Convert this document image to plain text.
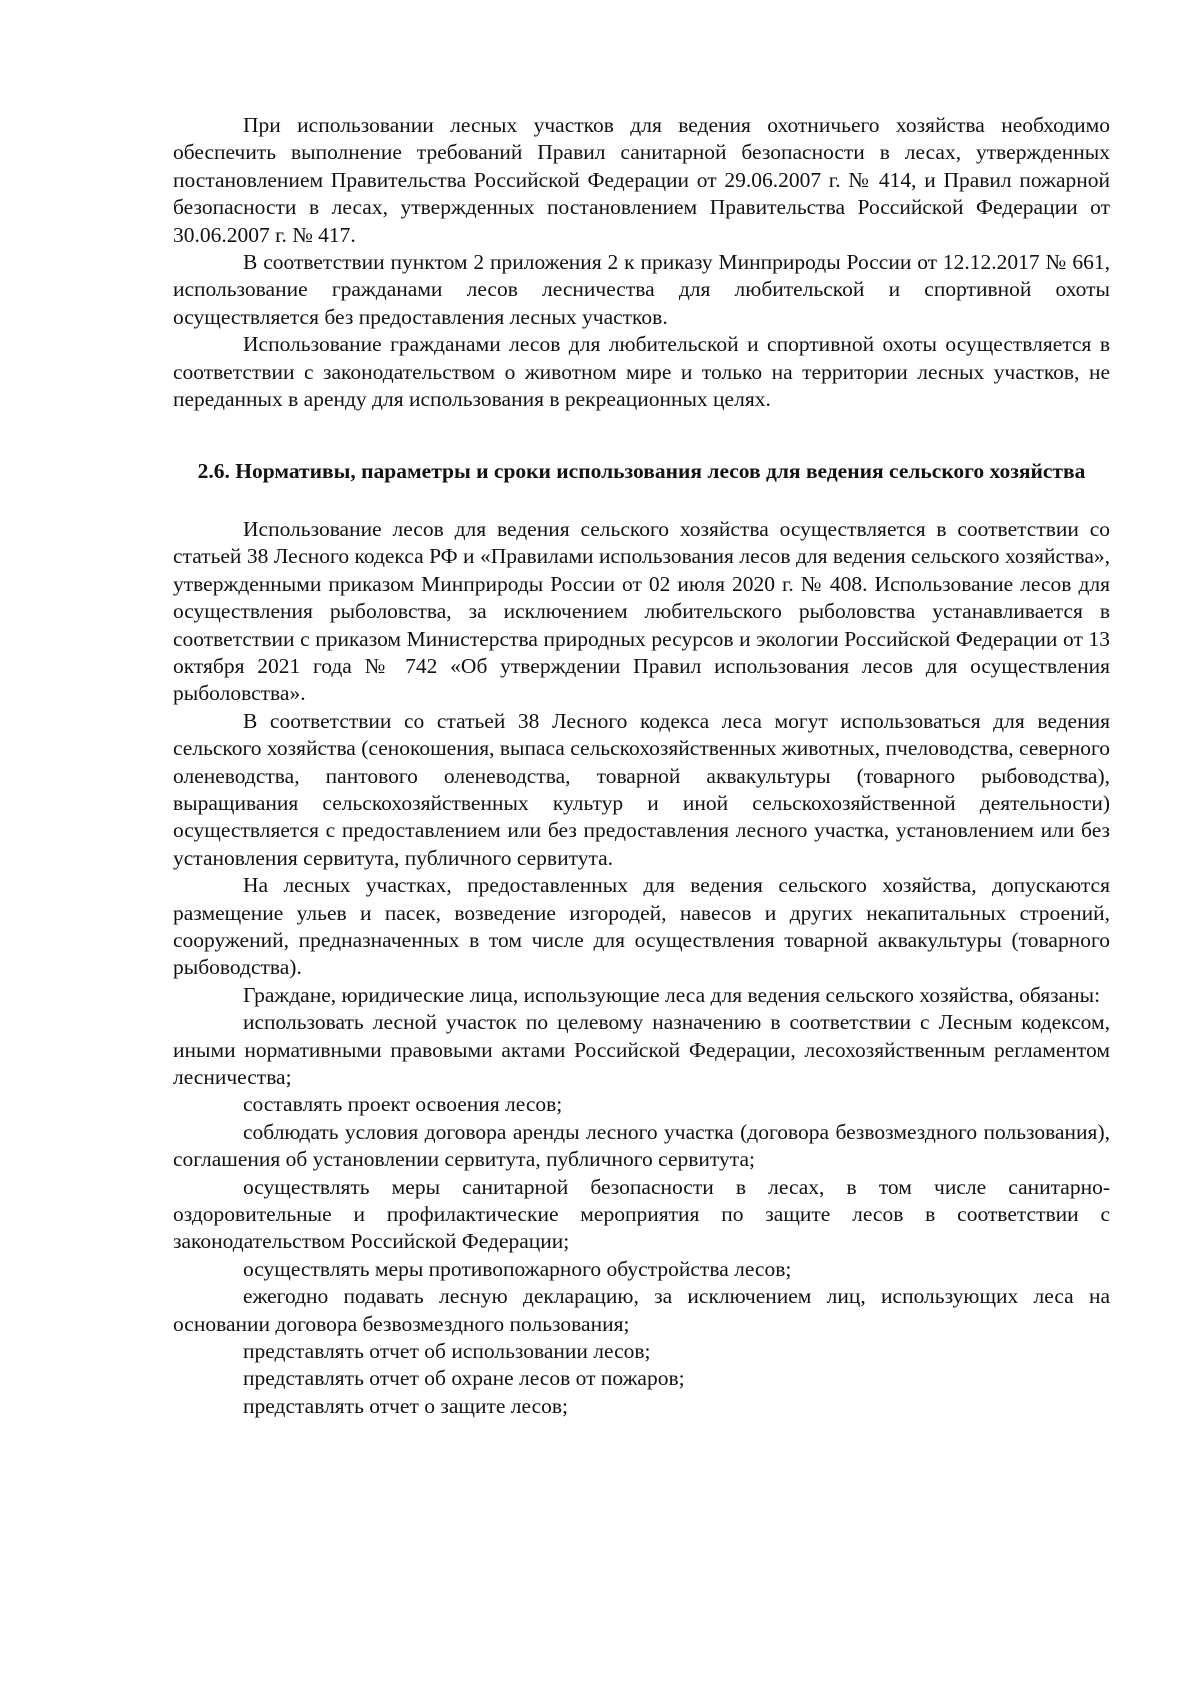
При использовании лесных участков для ведения охотничьего хозяйства необходимо обеспечить выполнение требований Правил санитарной безопасности в лесах, утвержденных постановлением Правительства Российской Федерации от 29.06.2007 г. № 414, и Правил пожарной безопасности в лесах, утвержденных постановлением Правительства Российской Федерации от 30.06.2007 г. № 417.

В соответствии пунктом 2 приложения 2 к приказу Минприроды России от 12.12.2017 № 661, использование гражданами лесов лесничества для любительской и спортивной охоты осуществляется без предоставления лесных участков.

Использование гражданами лесов для любительской и спортивной охоты осуществляется в соответствии с законодательством о животном мире и только на территории лесных участков, не переданных в аренду для использования в рекреационных целях.

2.6. Нормативы, параметры и сроки использования лесов для ведения сельского хозяйства

Использование лесов для ведения сельского хозяйства осуществляется в соответствии со статьей 38 Лесного кодекса РФ и «Правилами использования лесов для ведения сельского хозяйства», утвержденными приказом Минприроды России от 02 июля 2020 г. № 408. Использование лесов для осуществления рыболовства, за исключением любительского рыболовства устанавливается в соответствии с приказом Министерства природных ресурсов и экологии Российской Федерации от 13 октября 2021 года № 742 «Об утверждении Правил использования лесов для осуществления рыболовства».

В соответствии со статьей 38 Лесного кодекса леса могут использоваться для ведения сельского хозяйства (сенокошения, выпаса сельскохозяйственных животных, пчеловодства, северного оленеводства, пантового оленеводства, товарной аквакультуры (товарного рыбоводства), выращивания сельскохозяйственных культур и иной сельскохозяйственной деятельности) осуществляется с предоставлением или без предоставления лесного участка, установлением или без установления сервитута, публичного сервитута.

На лесных участках, предоставленных для ведения сельского хозяйства, допускаются размещение ульев и пасек, возведение изгородей, навесов и других некапитальных строений, сооружений, предназначенных в том числе для осуществления товарной аквакультуры (товарного рыбоводства).

Граждане, юридические лица, использующие леса для ведения сельского хозяйства, обязаны:

использовать лесной участок по целевому назначению в соответствии с Лесным кодексом, иными нормативными правовыми актами Российской Федерации, лесохозяйственным регламентом лесничества;

составлять проект освоения лесов;

соблюдать условия договора аренды лесного участка (договора безвозмездного пользования), соглашения об установлении сервитута, публичного сервитута;

осуществлять меры санитарной безопасности в лесах, в том числе санитарно-оздоровительные и профилактические мероприятия по защите лесов в соответствии с законодательством Российской Федерации;

осуществлять меры противопожарного обустройства лесов;

ежегодно подавать лесную декларацию, за исключением лиц, использующих леса на основании договора безвозмездного пользования;

представлять отчет об использовании лесов;

представлять отчет об охране лесов от пожаров;

представлять отчет о защите лесов;
